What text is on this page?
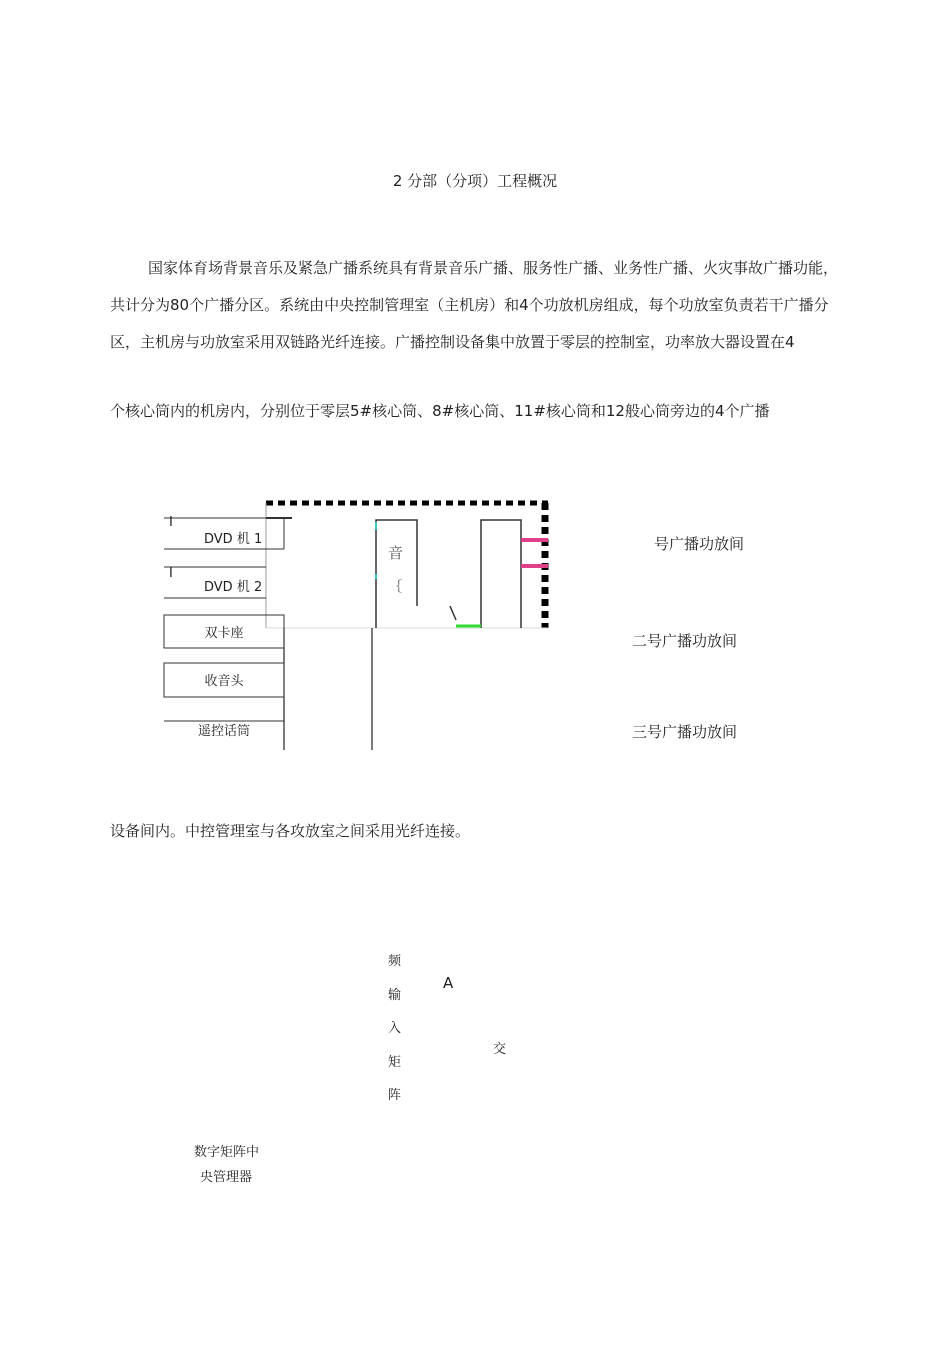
2 分部（分项）工程概况
国家体育场背景音乐及紧急广播系统具有背景音乐广播、服务性广播、业务性广播、火灾事故广播功能，共计分为80个广播分区。系统由中央控制管理室（主机房）和4个功放机房组成，每个功放室负责若干广播分区，主机房与功放室采用双链路光纤连接。广播控制设备集中放置于零层的控制室，功率放大器设置在4
个核心筒内的机房内，分别位于零层5#核心筒、8#核心筒、11#核心筒和12般心筒旁边的4个广播
I
I
DVD 机 1
DVD 机 2
双卡座
收音头
遥控话筒
音
｛
号广播功放间
二号广播功放间
三号广播功放间
设备间内。中控管理室与各攻放室之间采用光纤连接。
频
输
入
矩
阵
A
交
数字矩阵中
央管理器
